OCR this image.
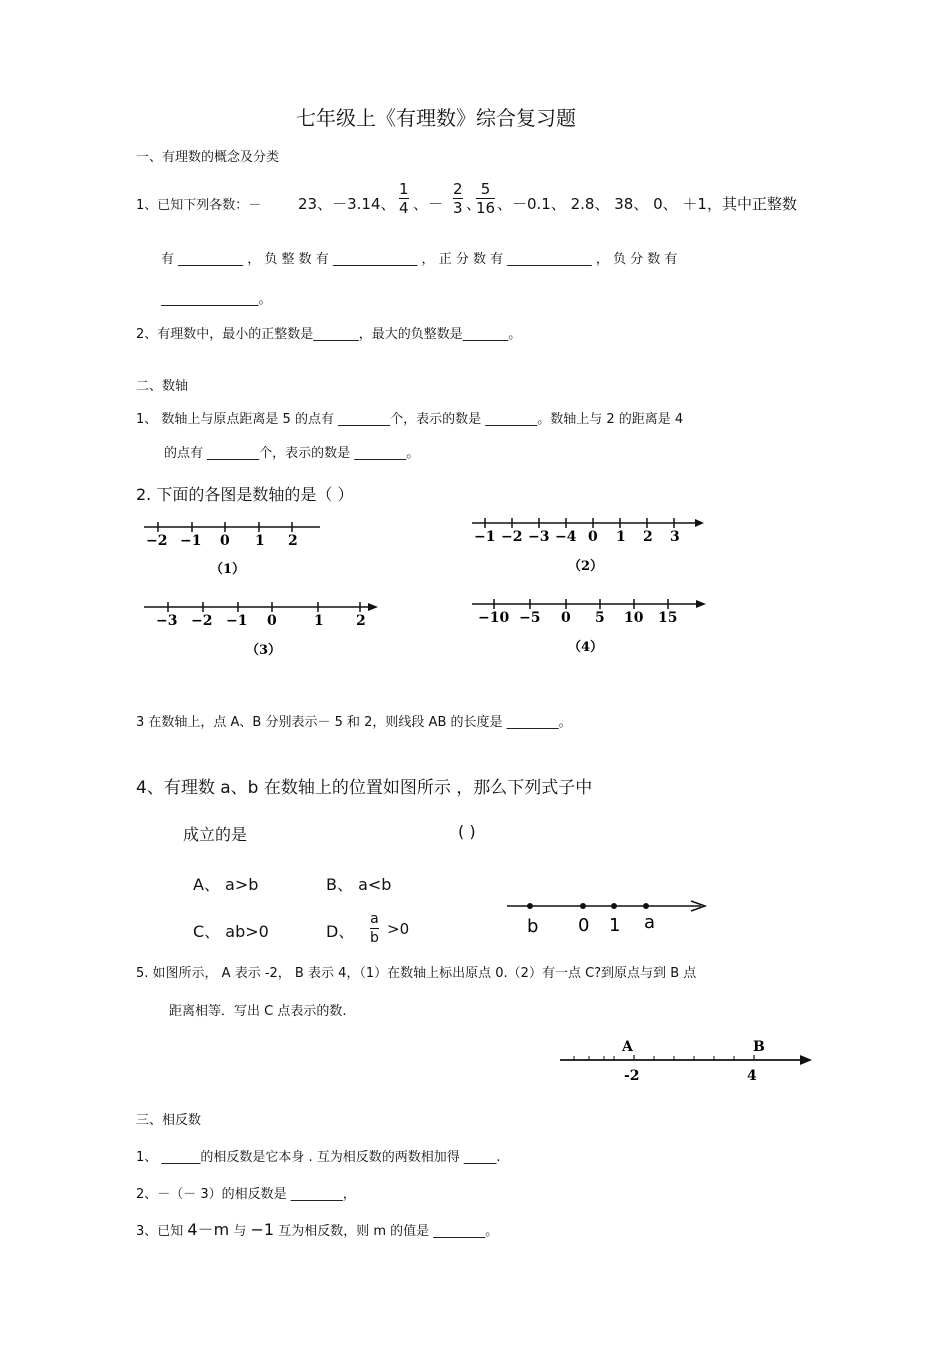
七年级上《有理数》综合复习题
一、有理数的概念及分类
1、已知下列各数：－ 23、－3.14、
1
4 、－
2
3 、
5
16 、－0.1、 2.8、 38、 0、 ＋1，其中正整数
有 __________ ， 负 整 数 有 _____________ ， 正 分 数 有 _____________ ， 负 分 数 有
_______________。
2、有理数中，最小的正整数是_______，最大的负整数是_______。
二、数轴
1、 数轴上与原点距离是 5 的点有 ________个，表示的数是 ________。数轴上与 2 的距离是 4
的点有 ________个，表示的数是 ________。
2. 下面的各图是数轴的是（ ）
−2 −1 0 1 2
（1）
−1 −2 −3 −4 0 1 2 3
（2）
−3 −2 −1 0	1 2
（3）
−10 −5 0 5 10 15
（4）
3 在数轴上，点 A、B 分别表示－ 5 和 2，则线段 AB 的长度是 ________。
4、有理数 a、b 在数轴上的位置如图所示 ，那么下列式子中
成立的是	( )
A、 a>b	B、 a<b
C、 ab>0	D、
a
b >0	b 0 1 a
5. 如图所示， A 表示 -2， B 表示 4，（1）在数轴上标出原点 0.（2）有一点 C?到原点与到 B 点
距离相等．写出 C 点表示的数.
A	B
-2	4
三、相反数
1、 ______的相反数是它本身 . 互为相反数的两数相加得 _____.
2、－（－ 3）的相反数是 ________，
3、已知 4－m 与 −1 互为相反数，则 m 的值是 ________。
